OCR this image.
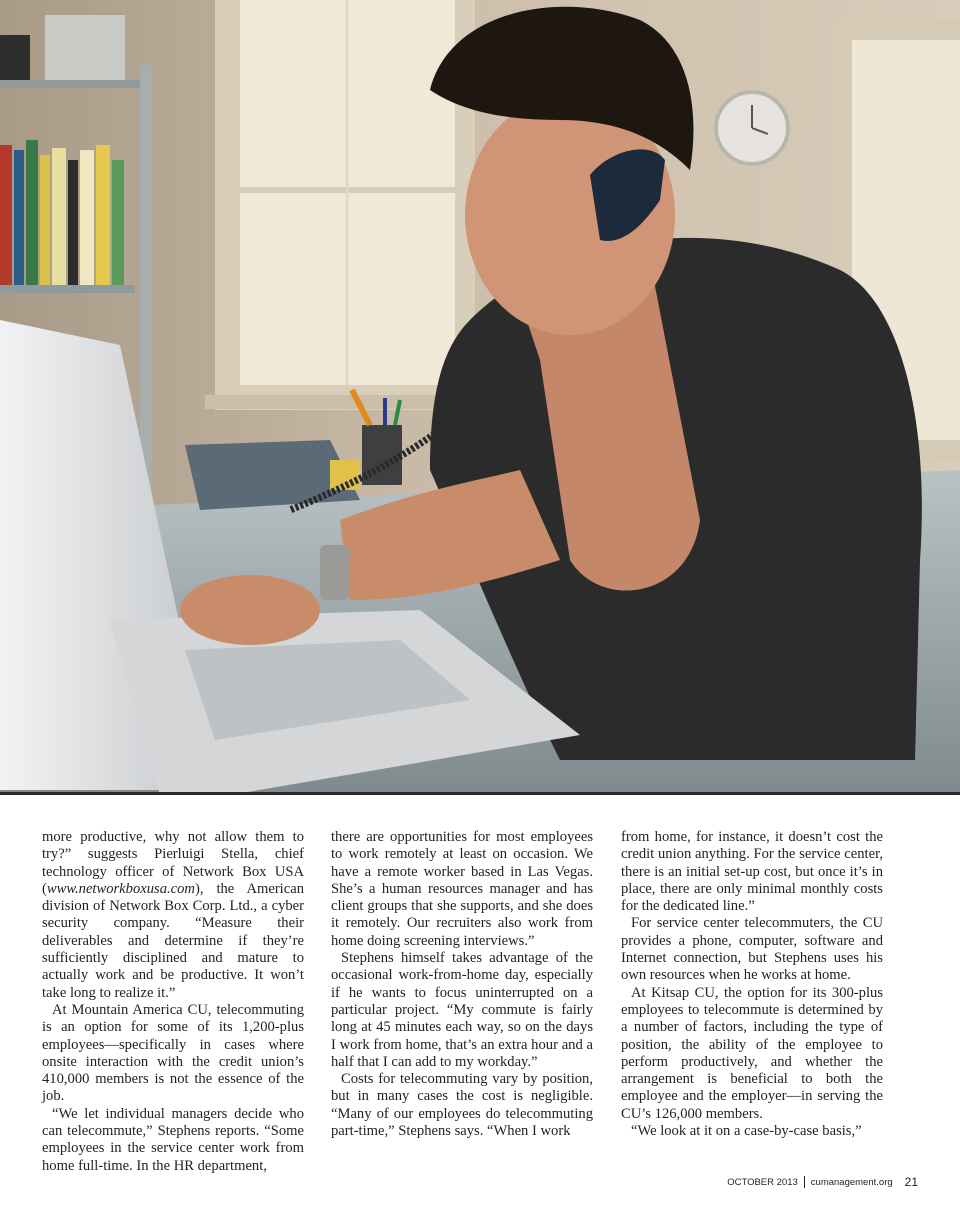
more productive, why not allow them to try?” suggests Pierluigi Stella, chief technology officer of Network Box USA (www.networkboxusa.com), the American division of Network Box Corp. Ltd., a cyber security company. “Measure their deliverables and determine if they’re sufficiently disciplined and mature to actually work and be productive. It won’t take long to realize it.”

At Mountain America CU, telecommuting is an option for some of its 1,200-plus employees—specifically in cases where onsite interaction with the credit union’s 410,000 members is not the essence of the job.

“We let individual managers decide who can telecommute,” Stephens reports. “Some employees in the service center work from home full-time. In the HR department,

there are opportunities for most employees to work remotely at least on occasion. We have a remote worker based in Las Vegas. She’s a human resources manager and has client groups that she supports, and she does it remotely. Our recruiters also work from home doing screening interviews.”

Stephens himself takes advantage of the occasional work-from-home day, especially if he wants to focus uninterrupted on a particular project. “My commute is fairly long at 45 minutes each way, so on the days I work from home, that’s an extra hour and a half that I can add to my workday.”

Costs for telecommuting vary by position, but in many cases the cost is negligible. “Many of our employees do telecommuting part-time,” Stephens says. “When I work

from home, for instance, it doesn’t cost the credit union anything. For the service center, there is an initial set-up cost, but once it’s in place, there are only minimal monthly costs for the dedicated line.”

For service center telecommuters, the CU provides a phone, computer, software and Internet connection, but Stephens uses his own resources when he works at home.

At Kitsap CU, the option for its 300-plus employees to telecommute is determined by a number of factors, including the type of position, the ability of the employee to perform productively, and whether the arrangement is beneficial to both the employee and the employer—in serving the CU’s 126,000 members.

“We look at it on a case-by-case basis,”

OCTOBER 2013 cumanagement.org 21
